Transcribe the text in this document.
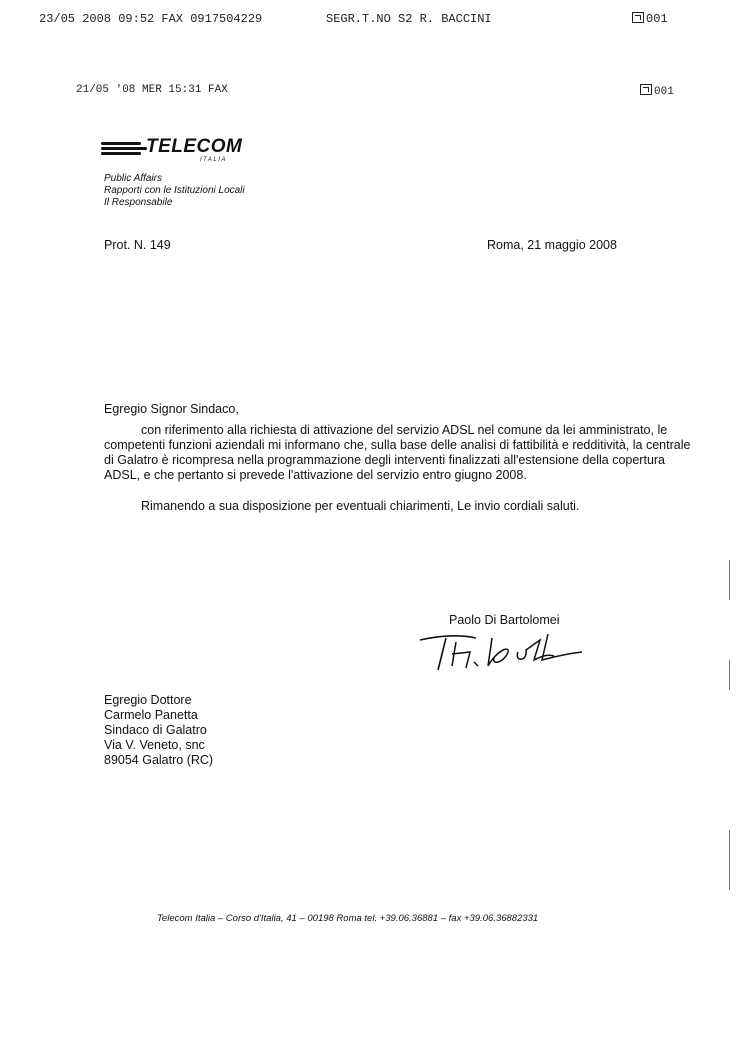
23/05 2008 09:52 FAX 0917504229	SEGR.T.NO S2 R. BACCINI	001
21/05 '08 MER 15:31 FAX	001
TELECOM
ITALIA
Public Affairs
Rapporti con le Istituzioni Locali
Il Responsabile
Prot. N. 149	Roma, 21 maggio 2008
Egregio Signor Sindaco,
con riferimento alla richiesta di attivazione del servizio ADSL nel comune da lei amministrato, le
competenti funzioni aziendali mi informano che, sulla base delle analisi di fattibilità e redditività, la centrale
di Galatro è ricompresa nella programmazione degli interventi finalizzati all'estensione della copertura
ADSL, e che pertanto si prevede l'attivazione del servizio entro giugno 2008.
Rimanendo a sua disposizione per eventuali chiarimenti, Le invio cordiali saluti.
Paolo Di Bartolomei
Egregio Dottore
Carmelo Panetta
Sindaco di Galatro
Via V. Veneto, snc
89054 Galatro (RC)
Telecom Italia – Corso d'Italia, 41 – 00198 Roma tel. +39.06.36881 – fax +39.06.36882331
